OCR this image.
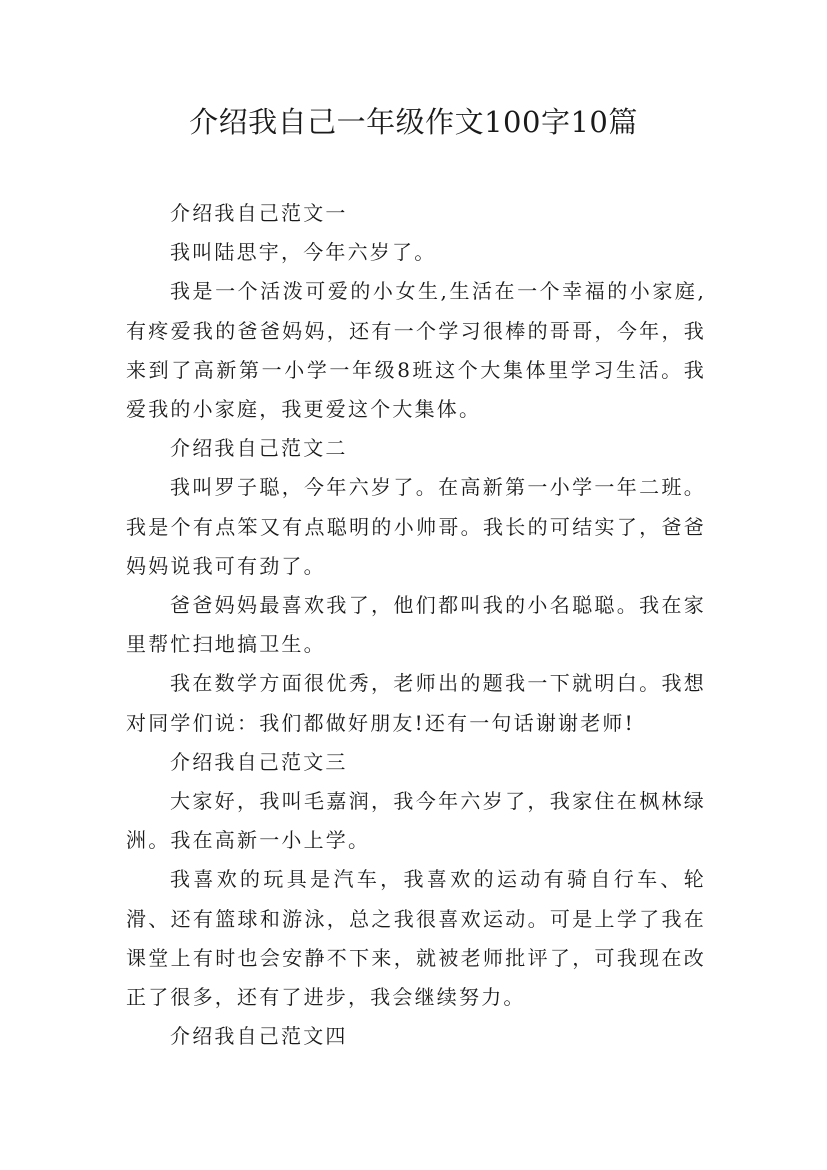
介绍我自己一年级作文100字10篇

介绍我自己范文一

我叫陆思宇，今年六岁了。

我是一个活泼可爱的小女生,生活在一个幸福的小家庭,有疼爱我的爸爸妈妈，还有一个学习很棒的哥哥，今年，我来到了高新第一小学一年级8班这个大集体里学习生活。我爱我的小家庭，我更爱这个大集体。

介绍我自己范文二

我叫罗子聪，今年六岁了。在高新第一小学一年二班。我是个有点笨又有点聪明的小帅哥。我长的可结实了，爸爸妈妈说我可有劲了。

爸爸妈妈最喜欢我了，他们都叫我的小名聪聪。我在家里帮忙扫地搞卫生。

我在数学方面很优秀，老师出的题我一下就明白。我想对同学们说：我们都做好朋友!还有一句话谢谢老师!

介绍我自己范文三

大家好，我叫毛嘉润，我今年六岁了，我家住在枫林绿洲。我在高新一小上学。

我喜欢的玩具是汽车，我喜欢的运动有骑自行车、轮滑、还有篮球和游泳，总之我很喜欢运动。可是上学了我在课堂上有时也会安静不下来，就被老师批评了，可我现在改正了很多，还有了进步，我会继续努力。

介绍我自己范文四
